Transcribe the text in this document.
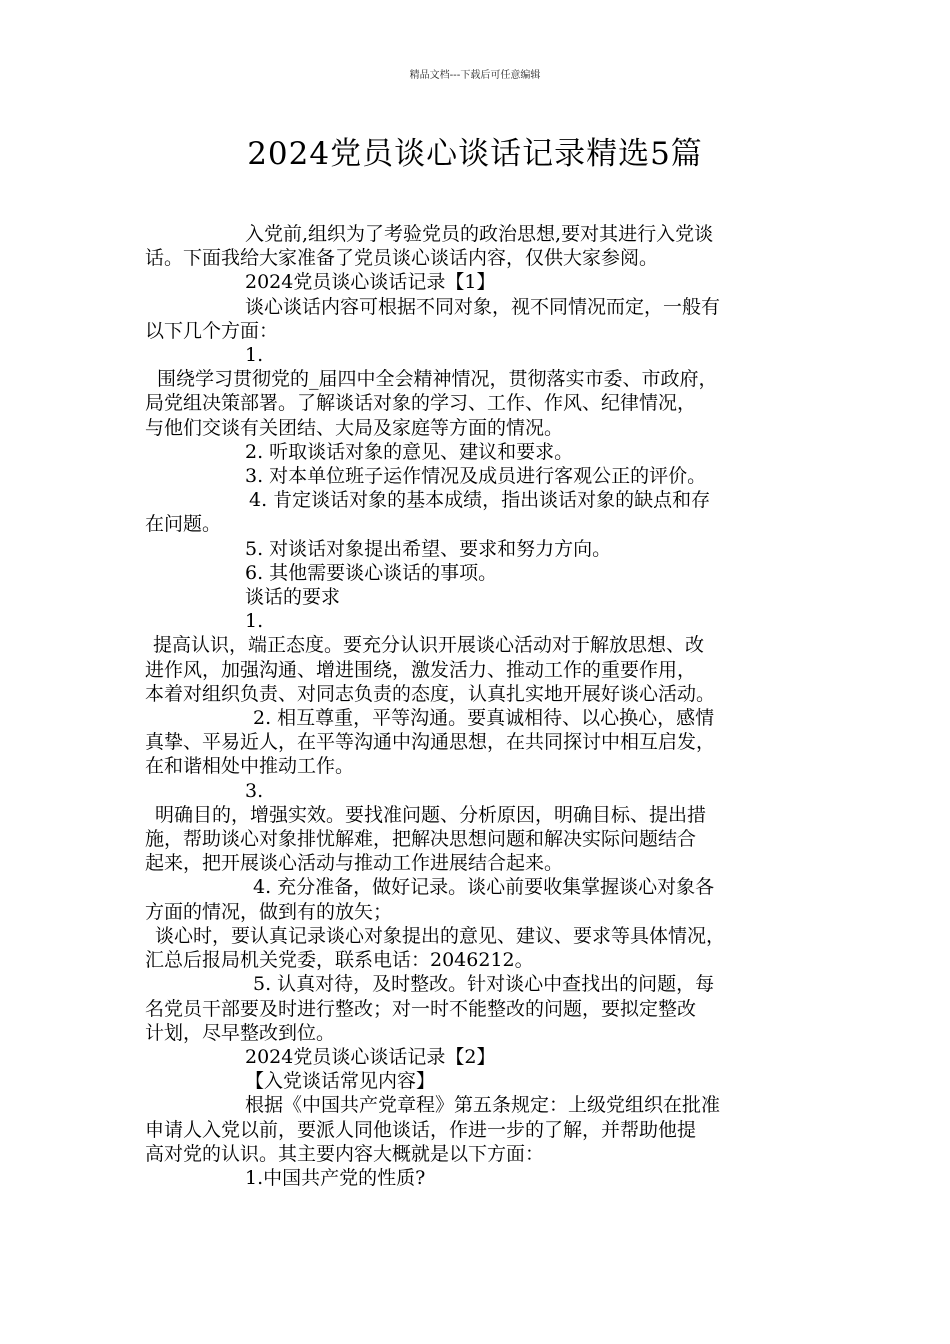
精品文档---下载后可任意编辑
2024党员谈心谈话记录精选5篇

入党前,组织为了考验党员的政治思想,要对其进行入党谈

话。下面我给大家准备了党员谈心谈话内容，仅供大家参阅。

2024党员谈心谈话记录【1】

谈心谈话内容可根据不同对象，视不同情况而定，一般有

以下几个方面：

1.

围绕学习贯彻党的_届四中全会精神情况，贯彻落实市委、市政府，

局党组决策部署。了解谈话对象的学习、工作、作风、纪律情况，

与他们交谈有关团结、大局及家庭等方面的情况。

2. 听取谈话对象的意见、建议和要求。

3. 对本单位班子运作情况及成员进行客观公正的评价。

4. 肯定谈话对象的基本成绩，指出谈话对象的缺点和存

在问题。

5. 对谈话对象提出希望、要求和努力方向。

6. 其他需要谈心谈话的事项。

谈话的要求

1.

提高认识，端正态度。要充分认识开展谈心活动对于解放思想、改

进作风，加强沟通、增进围绕，激发活力、推动工作的重要作用，

本着对组织负责、对同志负责的态度，认真扎实地开展好谈心活动。

2. 相互尊重，平等沟通。要真诚相待、以心换心，感情

真挚、平易近人，在平等沟通中沟通思想，在共同探讨中相互启发，

在和谐相处中推动工作。

3.

明确目的，增强实效。要找准问题、分析原因，明确目标、提出措

施，帮助谈心对象排忧解难，把解决思想问题和解决实际问题结合

起来，把开展谈心活动与推动工作进展结合起来。

4. 充分准备，做好记录。谈心前要收集掌握谈心对象各

方面的情况，做到有的放矢；

谈心时，要认真记录谈心对象提出的意见、建议、要求等具体情况，

汇总后报局机关党委，联系电话：2046212。

5. 认真对待，及时整改。针对谈心中查找出的问题，每

名党员干部要及时进行整改；对一时不能整改的问题，要拟定整改

计划，尽早整改到位。

2024党员谈心谈话记录【2】

【入党谈话常见内容】

根据《中国共产党章程》第五条规定：上级党组织在批准

申请人入党以前，要派人同他谈话，作进一步的了解，并帮助他提

高对党的认识。其主要内容大概就是以下方面：

1.中国共产党的性质?
